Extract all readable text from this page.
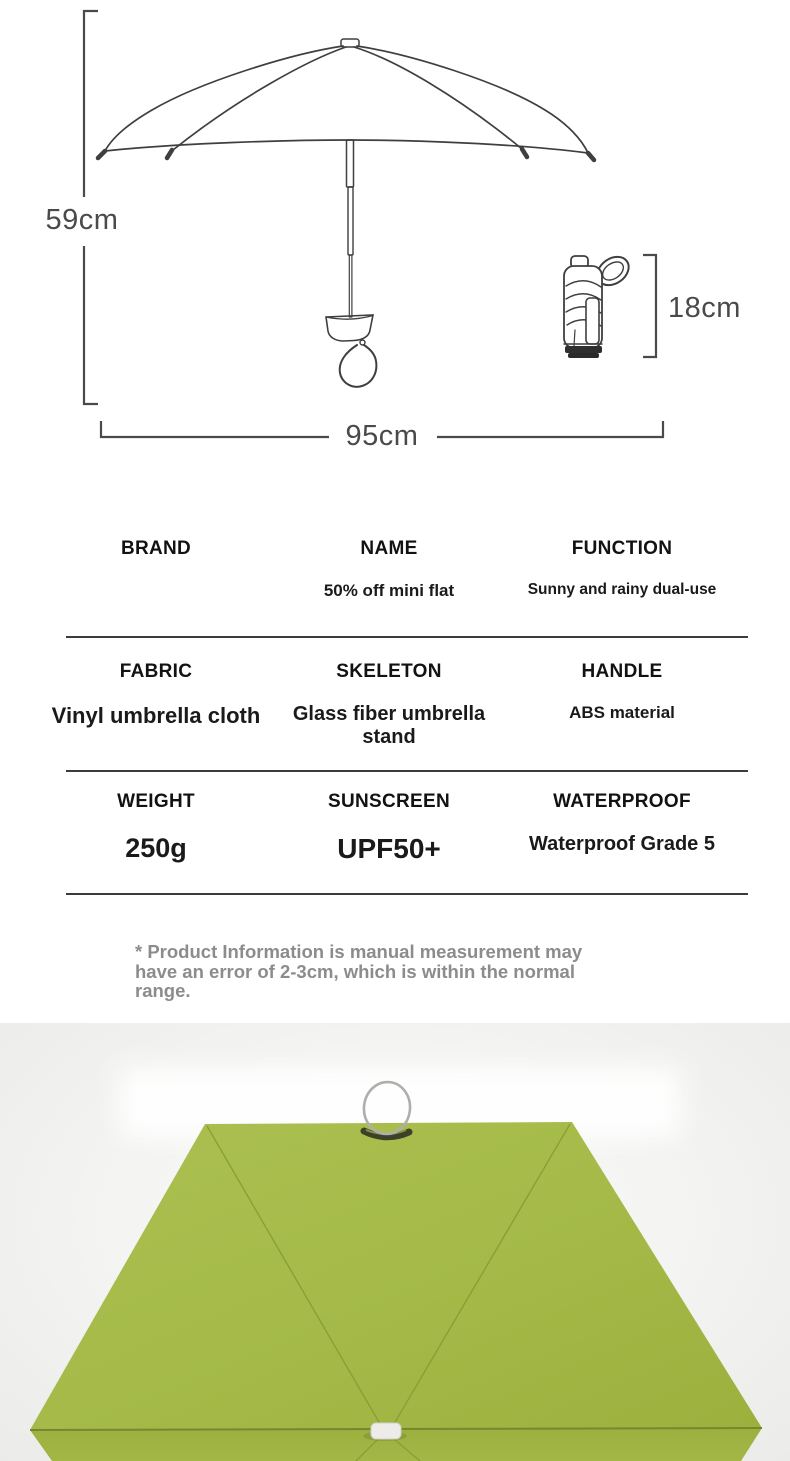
59cm
95cm
18cm
BRAND	NAME
50% off mini flat
FUNCTION
Sunny and rainy dual-use
FABRIC
Vinyl umbrella cloth
SKELETON
Glass fiber umbrella stand
HANDLE
ABS material
WEIGHT
250g
SUNSCREEN
UPF50+
WATERPROOF
Waterproof Grade 5
* Product Information is manual measurement may have an error of 2-3cm, which is within the normal range.
